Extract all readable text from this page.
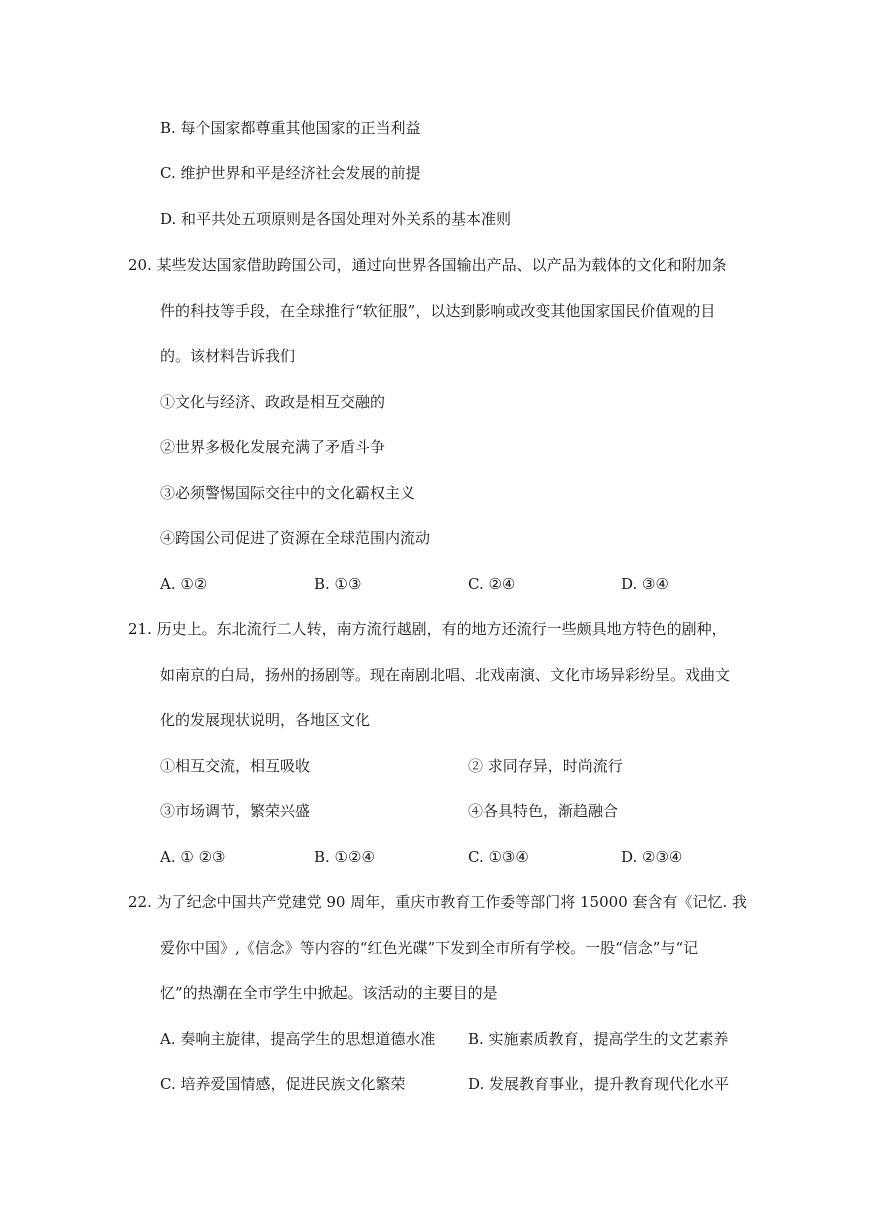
B. 每个国家都尊重其他国家的正当利益
C. 维护世界和平是经济社会发展的前提
D. 和平共处五项原则是各国处理对外关系的基本准则
20. 某些发达国家借助跨国公司，通过向世界各国输出产品、以产品为载体的文化和附加条
件的科技等手段，在全球推行“软征服”，以达到影响或改变其他国家国民价值观的目
的。该材料告诉我们
①文化与经济、政政是相互交融的
②世界多极化发展充满了矛盾斗争
③必须警惕国际交往中的文化霸权主义
④跨国公司促进了资源在全球范围内流动
A. ①②	B. ①③	C. ②④	D. ③④
21. 历史上。东北流行二人转，南方流行越剧，有的地方还流行一些颇具地方特色的剧种，
如南京的白局，扬州的扬剧等。现在南剧北唱、北戏南演、文化市场异彩纷呈。戏曲文
化的发展现状说明，各地区文化
①相互交流，相互吸收	② 求同存异，时尚流行
③市场调节，繁荣兴盛	④各具特色，渐趋融合
A. ① ②③	B. ①②④	C. ①③④	D. ②③④
22. 为了纪念中国共产党建党 90 周年，重庆市教育工作委等部门将 15000 套含有《记忆. 我
爱你中国》,《信念》等内容的“红色光碟”下发到全市所有学校。一股“信念”与“记
忆”的热潮在全市学生中掀起。该活动的主要目的是
A. 奏响主旋律，提高学生的思想道德水准 B. 实施素质教育，提高学生的文艺素养
C. 培养爱国情感，促进民族文化繁荣	D. 发展教育事业，提升教育现代化水平
